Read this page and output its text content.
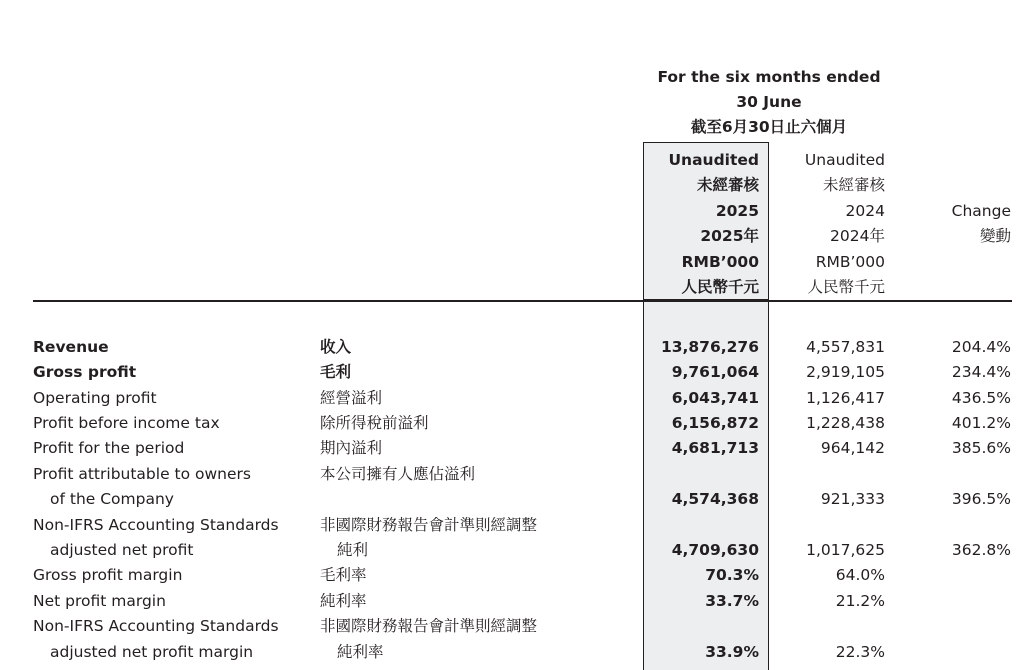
For the six months ended
30 June
截至6月30日止六個月
Unaudited
未經審核
2025
2025年
RMB’000
人民幣千元
Unaudited
未經審核
2024
2024年
RMB’000
人民幣千元
Change
變動
Revenue	收入	13,876,276	4,557,831	204.4%
Gross profit	毛利	9,761,064	2,919,105	234.4%
Operating profit	經營溢利	6,043,741	1,126,417	436.5%
Profit before income tax	除所得稅前溢利	6,156,872	1,228,438	401.2%
Profit for the period	期內溢利	4,681,713	964,142	385.6%
Profit attributable to owners
of the Company
本公司擁有人應佔溢利
4,574,368	921,333	396.5%
Non-IFRS Accounting Standards
adjusted net profit
非國際財務報告會計準則經調整
純利	4,709,630	1,017,625	362.8%
Gross profit margin	毛利率	70.3%	64.0%
Net profit margin	純利率	33.7%	21.2%
Non-IFRS Accounting Standards
adjusted net profit margin
非國際財務報告會計準則經調整
純利率	33.9%	22.3%
